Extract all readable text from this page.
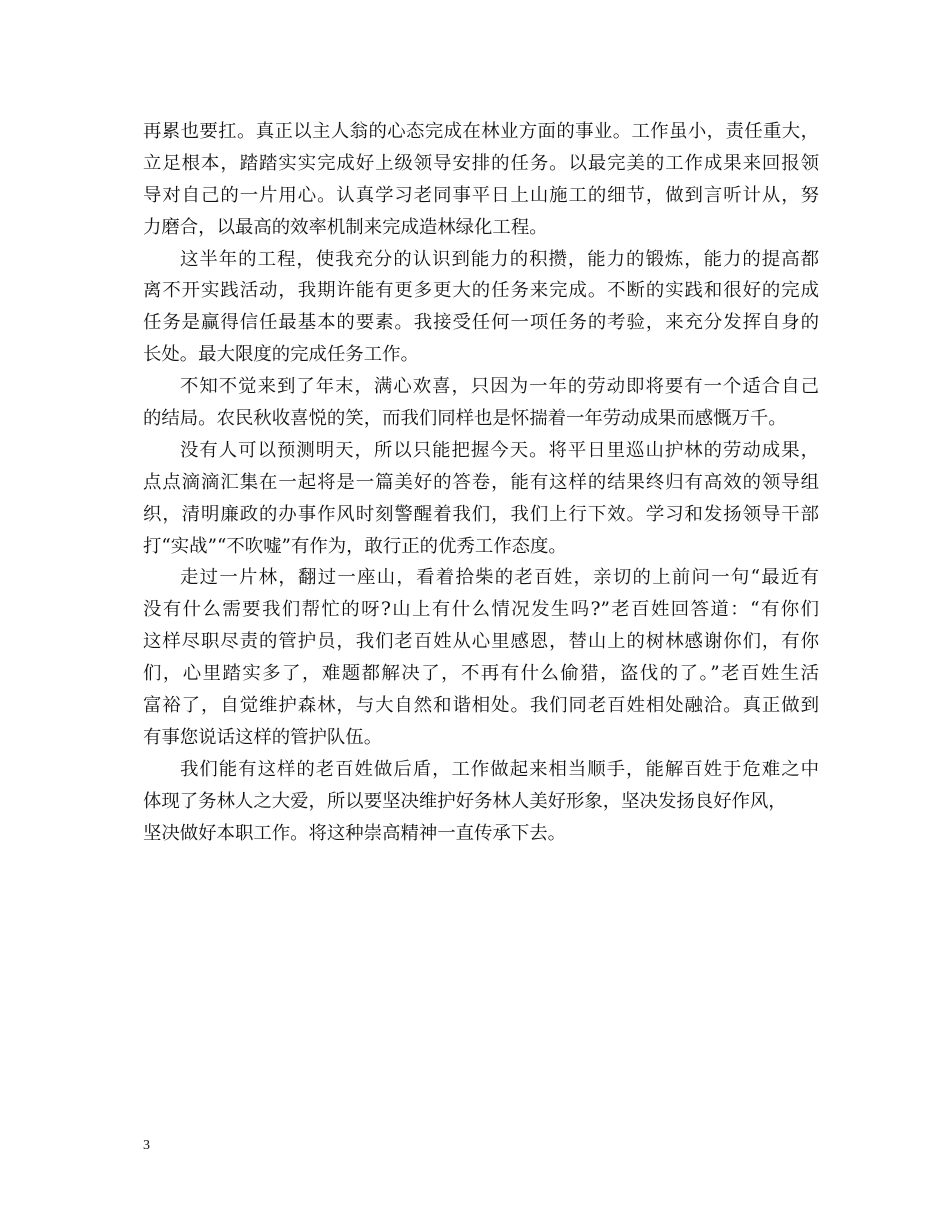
再累也要扛。真正以主人翁的心态完成在林业方面的事业。工作虽小，责任重大，
立足根本，踏踏实实完成好上级领导安排的任务。以最完美的工作成果来回报领
导对自己的一片用心。认真学习老同事平日上山施工的细节，做到言听计从，努
力磨合，以最高的效率机制来完成造林绿化工程。
这半年的工程，使我充分的认识到能力的积攒，能力的锻炼，能力的提高都
离不开实践活动，我期许能有更多更大的任务来完成。不断的实践和很好的完成
任务是赢得信任最基本的要素。我接受任何一项任务的考验，来充分发挥自身的
长处。最大限度的完成任务工作。
不知不觉来到了年末，满心欢喜，只因为一年的劳动即将要有一个适合自己
的结局。农民秋收喜悦的笑，而我们同样也是怀揣着一年劳动成果而感慨万千。
没有人可以预测明天，所以只能把握今天。将平日里巡山护林的劳动成果，
点点滴滴汇集在一起将是一篇美好的答卷，能有这样的结果终归有高效的领导组
织，清明廉政的办事作风时刻警醒着我们，我们上行下效。学习和发扬领导干部
打“实战”“不吹嘘”有作为，敢行正的优秀工作态度。
走过一片林，翻过一座山，看着拾柴的老百姓，亲切的上前问一句“最近有
没有什么需要我们帮忙的呀?山上有什么情况发生吗?”老百姓回答道：“有你们
这样尽职尽责的管护员，我们老百姓从心里感恩，替山上的树林感谢你们，有你
们，心里踏实多了，难题都解决了，不再有什么偷猎，盗伐的了。”老百姓生活
富裕了，自觉维护森林，与大自然和谐相处。我们同老百姓相处融洽。真正做到
有事您说话这样的管护队伍。
我们能有这样的老百姓做后盾，工作做起来相当顺手，能解百姓于危难之中
体现了务林人之大爱，所以要坚决维护好务林人美好形象，坚决发扬良好作风，
坚决做好本职工作。将这种崇高精神一直传承下去。
3
